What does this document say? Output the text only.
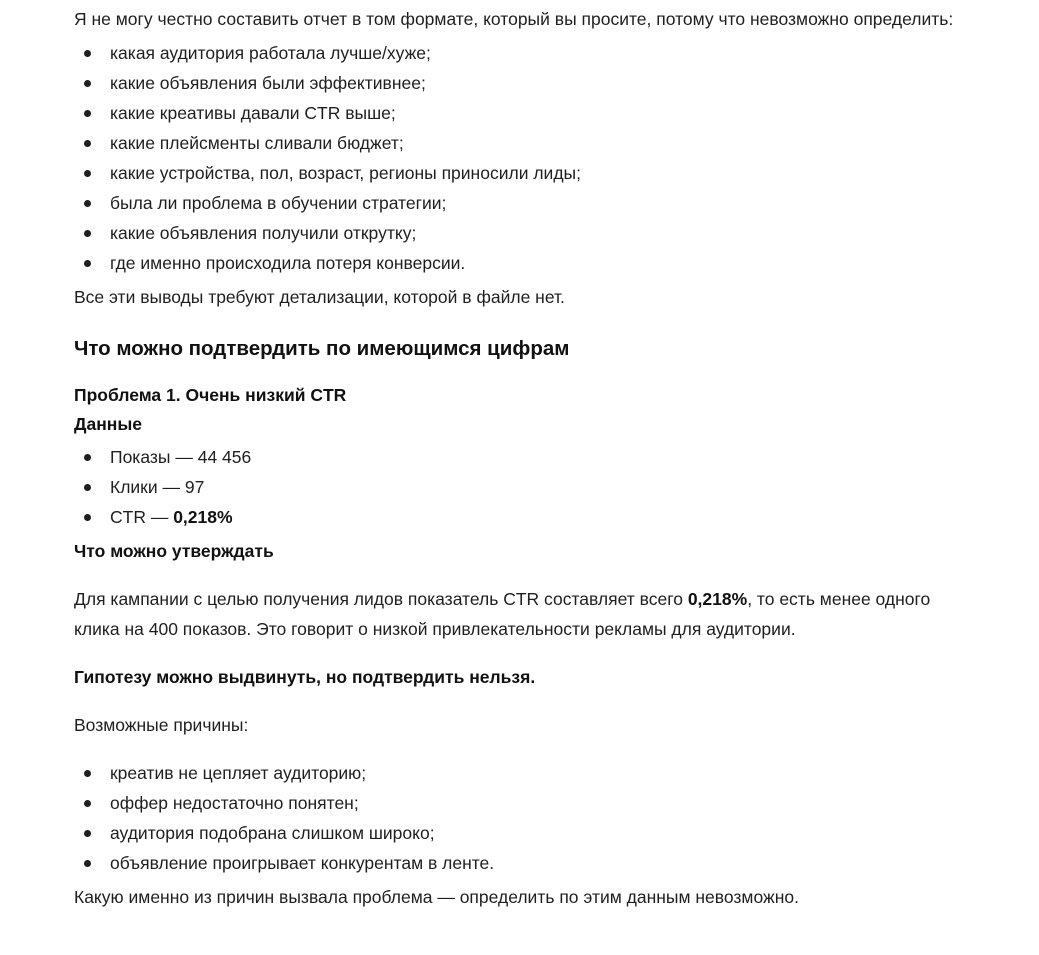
Я не могу честно составить отчет в том формате, который вы просите, потому что невозможно определить:

какая аудитория работала лучше/хуже;
какие объявления были эффективнее;
какие креативы давали CTR выше;
какие плейсменты сливали бюджет;
какие устройства, пол, возраст, регионы приносили лиды;
была ли проблема в обучении стратегии;
какие объявления получили открутку;
где именно происходила потеря конверсии.

Все эти выводы требуют детализации, которой в файле нет.

Что можно подтвердить по имеющимся цифрам
Проблема 1. Очень низкий CTR
Данные
Показы — 44 456
Клики — 97
CTR — 0,218%
Что можно утверждать

Для кампании с целью получения лидов показатель CTR составляет всего 0,218%, то есть менее одного клика на 400 показов. Это говорит о низкой привлекательности рекламы для аудитории.

Гипотезу можно выдвинуть, но подтвердить нельзя.

Возможные причины:

креатив не цепляет аудиторию;
оффер недостаточно понятен;
аудитория подобрана слишком широко;
объявление проигрывает конкурентам в ленте.

Какую именно из причин вызвала проблема — определить по этим данным невозможно.
